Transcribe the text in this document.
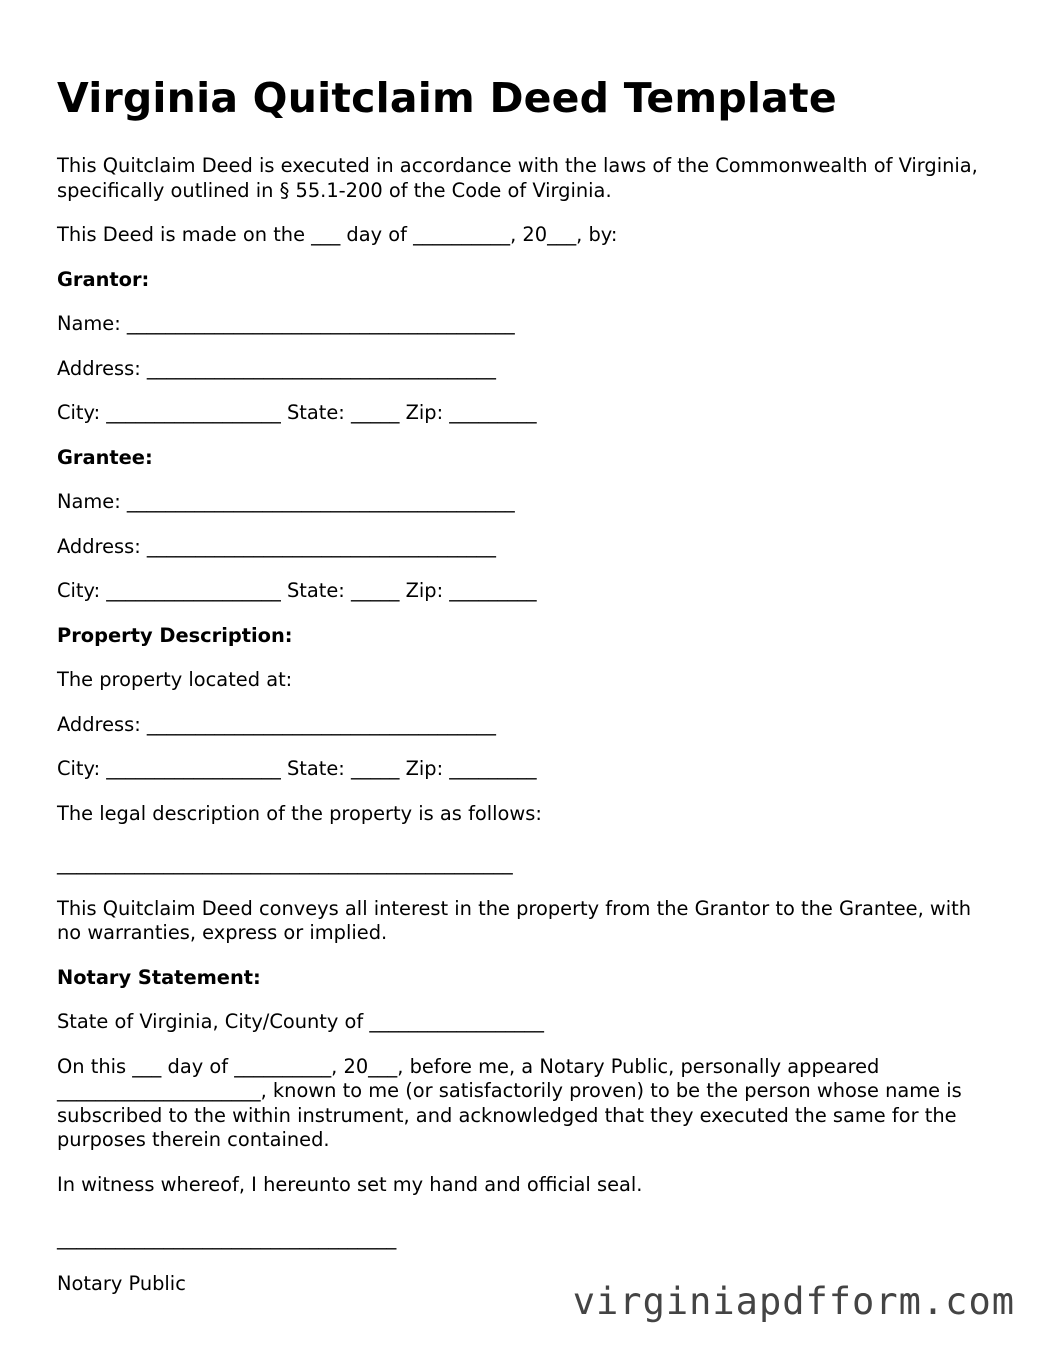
Virginia Quitclaim Deed Template

This Quitclaim Deed is executed in accordance with the laws of the Commonwealth of Virginia, specifically outlined in § 55.1-200 of the Code of Virginia.

This Deed is made on the ___ day of __________, 20___, by:

Grantor:

Name: ________________________________________

Address: ____________________________________

City: __________________ State: _____ Zip: _________

Grantee:

Name: ________________________________________

Address: ____________________________________

City: __________________ State: _____ Zip: _________

Property Description:

The property located at:

Address: ____________________________________

City: __________________ State: _____ Zip: _________

The legal description of the property is as follows:

_______________________________________________

This Quitclaim Deed conveys all interest in the property from the Grantor to the Grantee, with no warranties, express or implied.

Notary Statement:

State of Virginia, City/County of __________________

On this ___ day of __________, 20___, before me, a Notary Public, personally appeared _____________________, known to me (or satisfactorily proven) to be the person whose name is subscribed to the within instrument, and acknowledged that they executed the same for the purposes therein contained.

In witness whereof, I hereunto set my hand and official seal.

___________________________________

Notary Public	virginiapdfform.com
